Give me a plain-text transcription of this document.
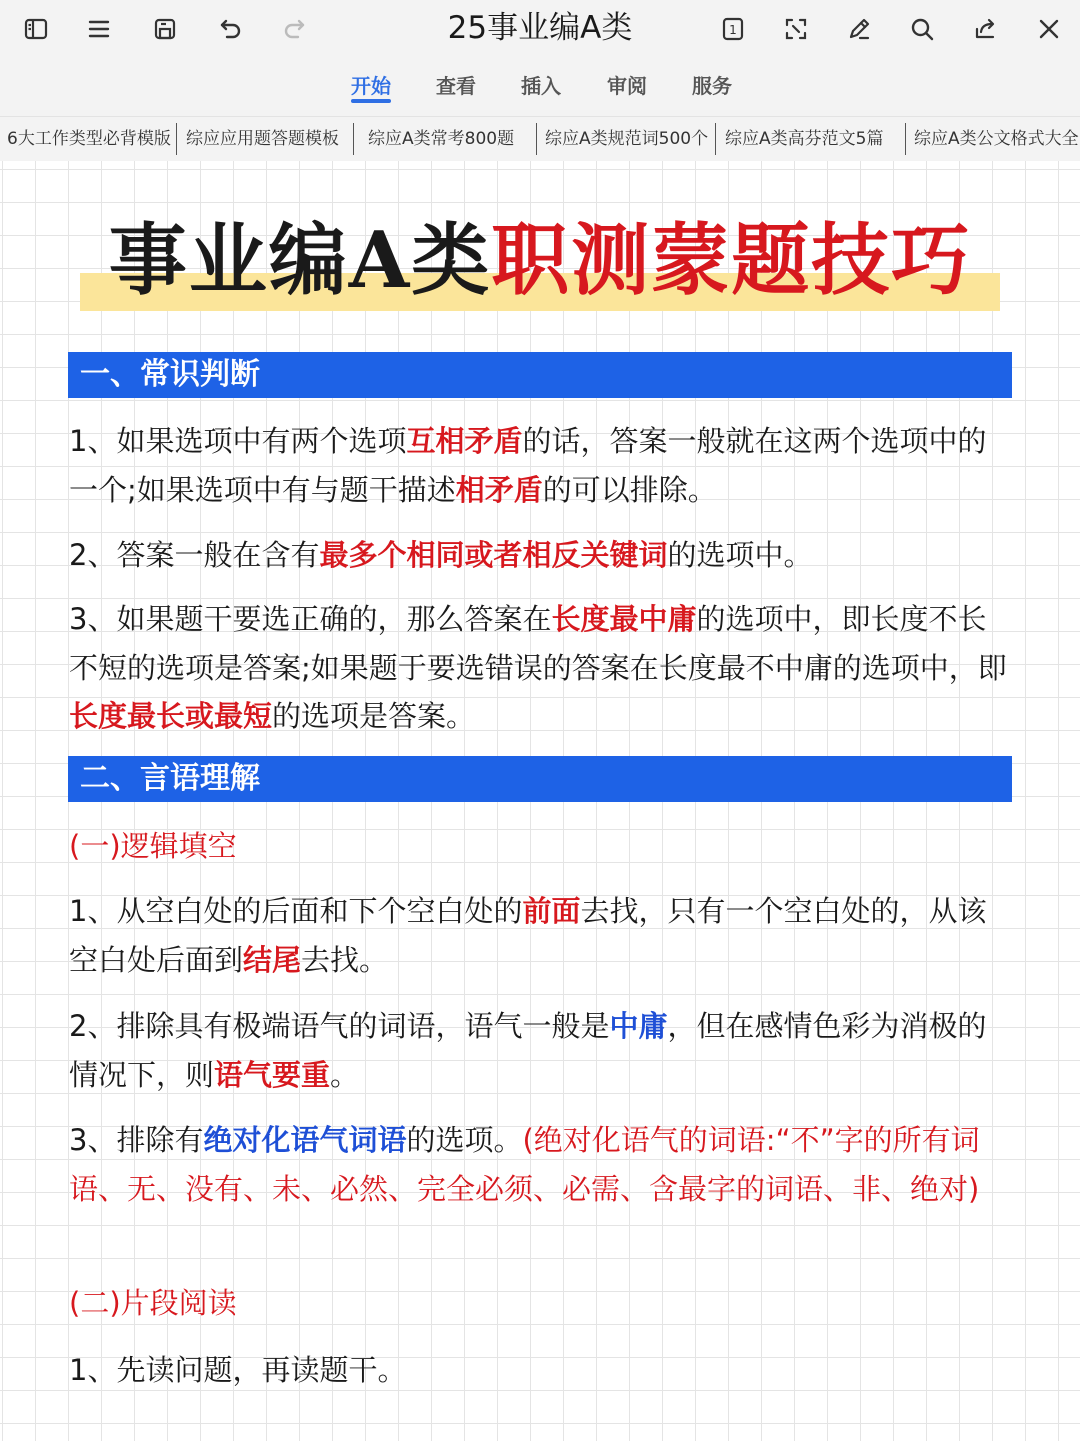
25事业编A类	1
开始 查看 插入 审阅 服务
6大工作类型必背模版 综应应用题答题模板 综应A类常考800题 综应A类规范词500个 综应A类高芬范文5篇 综应A类公文格式大全
事业编A类职测蒙题技巧
一、常识判断
1、如果选项中有两个选项互相矛盾的话，答案一般就在这两个选项中的一个;如果选项中有与题干描述相矛盾的可以排除。
2、答案一般在含有最多个相同或者相反关键词的选项中。
3、如果题干要选正确的，那么答案在长度最中庸的选项中，即长度不长不短的选项是答案;如果题于要选错误的答案在长度最不中庸的选项中，即长度最长或最短的选项是答案。
二、言语理解
(一)逻辑填空
1、从空白处的后面和下个空白处的前面去找，只有一个空白处的，从该空白处后面到结尾去找。
2、排除具有极端语气的词语，语气一般是中庸，但在感情色彩为消极的情况下，则语气要重。
3、排除有绝对化语气词语的选项。(绝对化语气的词语:“不”字的所有词语、无、没有、未、必然、完全必须、必需、含最字的词语、非、绝对)
(二)片段阅读
1、先读问题，再读题干。
